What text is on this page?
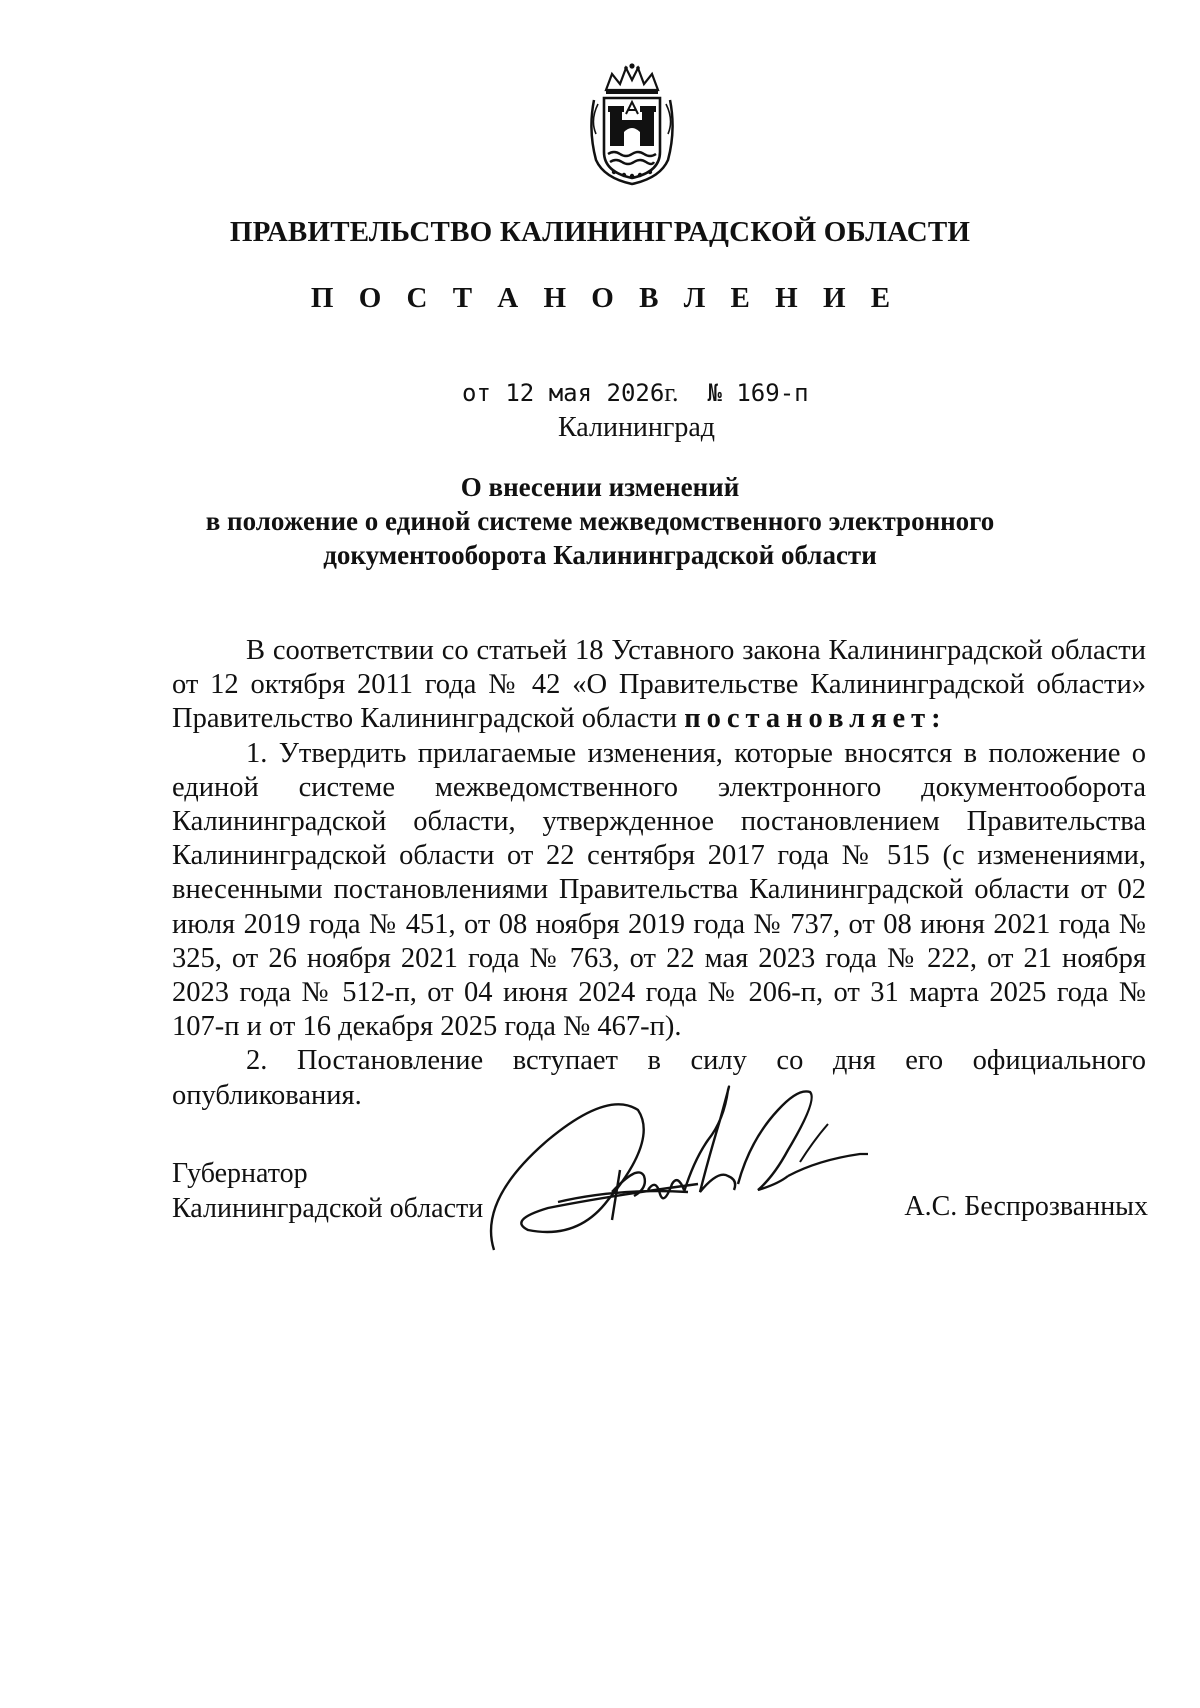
ПРАВИТЕЛЬСТВО КАЛИНИНГРАДСКОЙ ОБЛАСТИ
П О С Т А Н О В Л Е Н И Е
от 12 мая 2026г. № 169-п
Калининград
О внесении изменений
в положение о единой системе межведомственного электронного
документооборота Калининградской области

В соответствии со статьей 18 Уставного закона Калининградской области от 12 октября 2011 года № 42 «О Правительстве Калининградской области» Правительство Калининградской области постановляет:

1. Утвердить прилагаемые изменения, которые вносятся в положение о единой системе межведомственного электронного документооборота Калининградской области, утвержденное постановлением Правительства Калининградской области от 22 сентября 2017 года № 515 (с изменениями, внесенными постановлениями Правительства Калининградской области от 02 июля 2019 года № 451, от 08 ноября 2019 года № 737, от 08 июня 2021 года № 325, от 26 ноября 2021 года № 763, от 22 мая 2023 года № 222, от 21 ноября 2023 года № 512-п, от 04 июня 2024 года № 206-п, от 31 марта 2025 года № 107-п и от 16 декабря 2025 года № 467-п).

2. Постановление вступает в силу со дня его официального опубликования.

Губернатор
Калининградской области	А.С. Беспрозванных
